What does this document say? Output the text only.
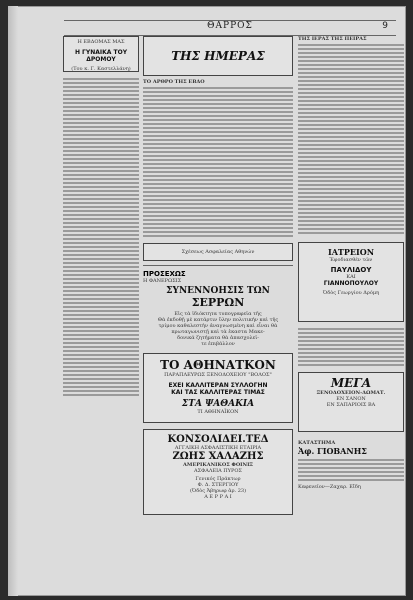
ΘΑΡΡΟΣ	9
Η ΕΒΔΟΜΑΣ ΜΑΣ
Η ΓΥΝΑΙΚΑ ΤΟΥ ΔΡΟΜΟΥ
(Του κ. Γ. Καστελλάνη)
ΤΗΣ ΗΜΕΡΑΣ
ΤΟ ΑΡΘΡΟ ΤΗΣ ΕΒΔΟ
Σχέσεως Ασφαλείας Αθηνών
ΠΡΟΣΕΧΩΣ
Η ΦΑΝΕΡΩΣΙΣ
ΣΥΝΕΝΝΟΗΣΙΣ ΤΩΝ
ΣΕΡΡΩΝ
Εἰς τὰ ἰδιόκτητα τυπογραφεῖα τῆς
Θὰ ἐκδοθῇ μὲ κατάρτιν ὕλην πολιτικήν καὶ τῆς
τρίμου καθαλεστὴν ἀναγνωσμένη καὶ εἶναι θὰ
πρωταγωνιστῇ καὶ τὰ ἑκαστα Μακε-
δονικά ζητήματα θὰ ἀπασχολεῖ-
τε ἐπιβάλλον
ΤΟ ΑΘΗΝΑΤΚΟΝ
ΠΑΡΑΠΛΕΥΡΩΣ ΞΕΝΟΔΟΧΕΙΟΥ "ΒΟΛΟΣ"
ΕΧΕΙ ΚΑΛΛΙΤΕΡΑΝ ΣΥΛΛΟΓΗΝ
ΚΑΙ ΤΑΣ ΚΑΛΛΙΤΕΡΑΣ ΤΙΜΑΣ
ΣΤΑ ΨΑΘΑΚΙΑ
ΤΙ ΑΘΗΝΑΪΚΟΝ
ΚΟΝΣΟΛΙΔΕΙ.ΤΕΔ
ΑΓΓΛΙΚΗ ΑΣΦΑΛΙΣΤΙΚΗ ΕΤΑΙΡΙΑ
ΖΩΗΣ ΧΑΛΑΖΗΣ
ΑΜΕΡΙΚΑΝΙΚΟΣ ΦΟΙΝΙΞ
ΑΣΦΑΛΕΙΑ ΠΥΡΟΣ
Γενικός Πράκτωρ
Φ. Δ. ΣΤΕΡΓΙΟΥ
(Ὁδὸς Ἀβηρωφ ἀρ. 23)
Α Ε Ρ Ρ Α Ι
ΤΗΣ ΙΕΡΑΣ ΤΗΣ ΠΕΙΡΑΣ
ΙΑΤΡΕΙΟΝ
Ἐφοδιασθέν τῶν
ΠΑΥΛΙΔΟΥ
ΚΑΙ
ΓΙΑΝΝΟΠΟΥΛΟΥ
Ὁδὸς Γεωργίου Δρόμη
ΜΕΓΑ
ΞΕΝΟΔΟΧΕΙΟΝ-ΔΩΜΑΤ.
ΕΝ ΣΑΝΟΝ
ΕΝ ΣΑΠΑΡΙΟΙΣ ΒΑ
ΚΑΤΑΣΤΗΜΑ
Ἀφ. ΓΙΟΒΑΝΗΣ
Καφενεῖον—Ζαχαρ. Εἴδη
